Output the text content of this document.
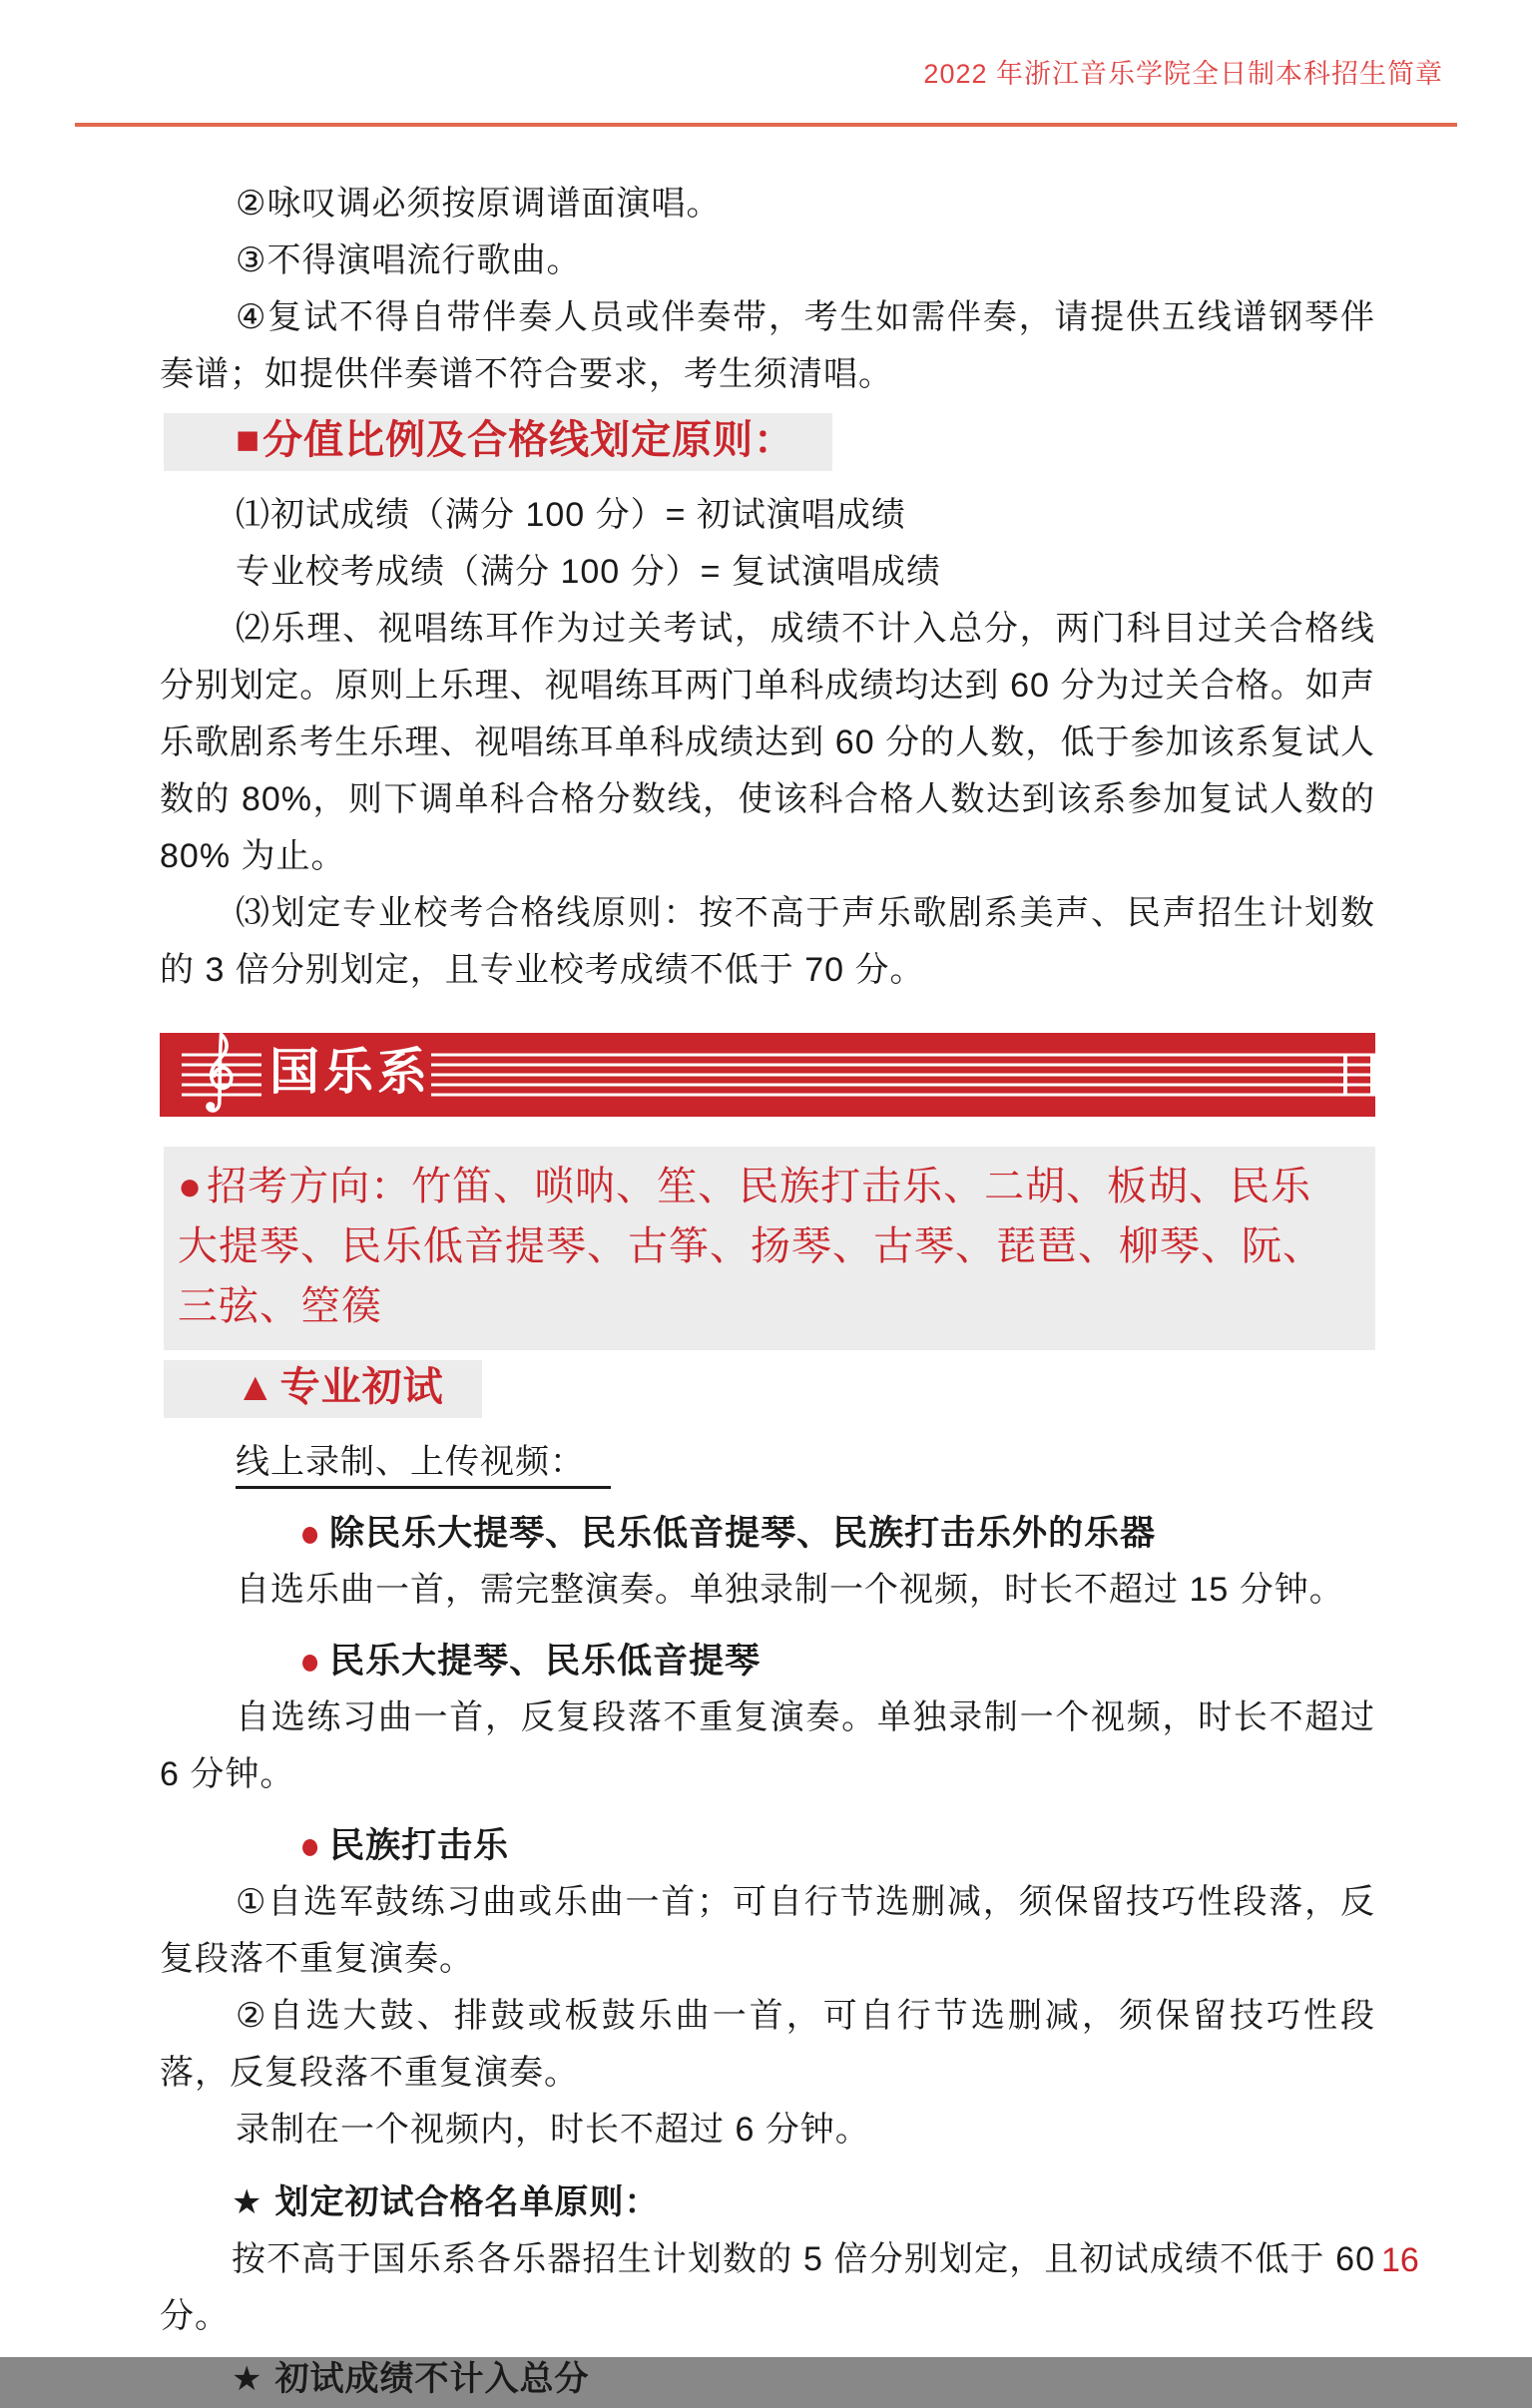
2022 年浙江音乐学院全日制本科招生简章

②咏叹调必须按原调谱面演唱。

③不得演唱流行歌曲。

④复试不得自带伴奏人员或伴奏带，考生如需伴奏，请提供五线谱钢琴伴奏谱；如提供伴奏谱不符合要求，考生须清唱。

■分值比例及合格线划定原则：

⑴初试成绩（满分 100 分）= 初试演唱成绩

专业校考成绩（满分 100 分）= 复试演唱成绩

⑵乐理、视唱练耳作为过关考试，成绩不计入总分，两门科目过关合格线分别划定。原则上乐理、视唱练耳两门单科成绩均达到 60 分为过关合格。如声乐歌剧系考生乐理、视唱练耳单科成绩达到 60 分的人数，低于参加该系复试人数的 80%，则下调单科合格分数线，使该科合格人数达到该系参加复试人数的 80% 为止。

⑶划定专业校考合格线原则：按不高于声乐歌剧系美声、民声招生计划数的 3 倍分别划定，且专业校考成绩不低于 70 分。

国乐系
● 招考方向：竹笛、唢呐、笙、民族打击乐、二胡、板胡、民乐大提琴、民乐低音提琴、古筝、扬琴、古琴、琵琶、柳琴、阮、三弦、箜篌
▲ 专业初试

线上录制、上传视频：

● 除民乐大提琴、民乐低音提琴、民族打击乐外的乐器

自选乐曲一首，需完整演奏。单独录制一个视频，时长不超过 15 分钟。

● 民乐大提琴、民乐低音提琴

自选练习曲一首，反复段落不重复演奏。单独录制一个视频，时长不超过 6 分钟。

● 民族打击乐

①自选军鼓练习曲或乐曲一首；可自行节选删减，须保留技巧性段落，反复段落不重复演奏。

②自选大鼓、排鼓或板鼓乐曲一首，可自行节选删减，须保留技巧性段落，反复段落不重复演奏。

录制在一个视频内，时长不超过 6 分钟。

★ 划定初试合格名单原则：

按不高于国乐系各乐器招生计划数的 5 倍分别划定，且初试成绩不低于 60 分。

★ 初试成绩不计入总分

16
